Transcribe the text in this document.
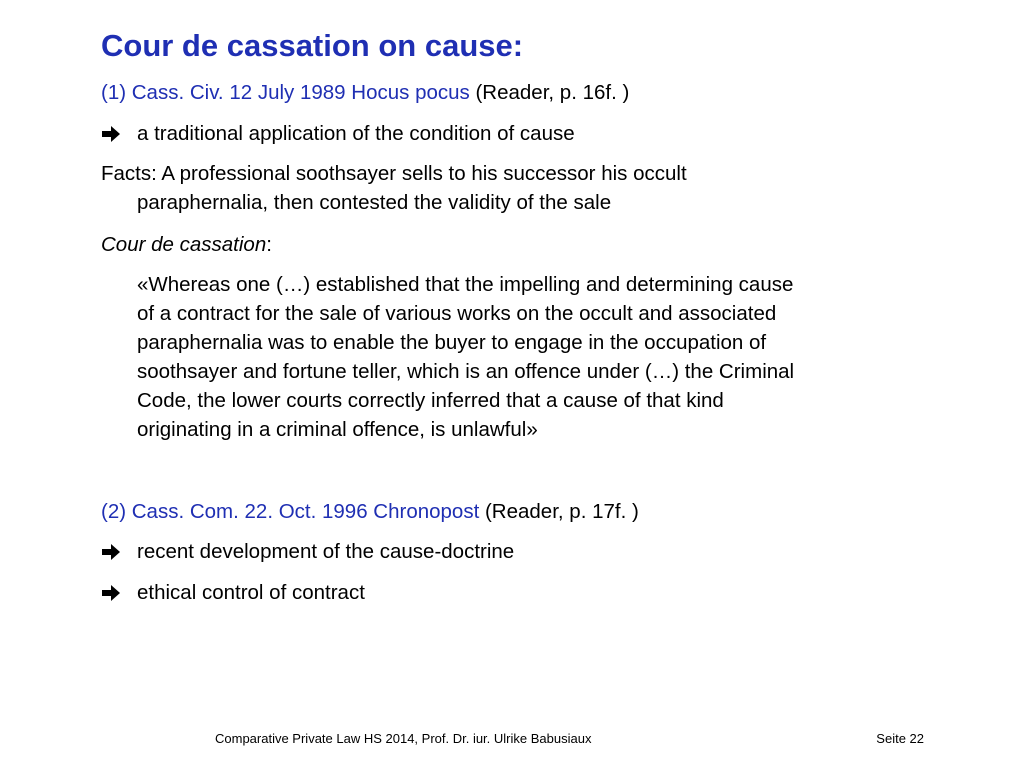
Cour de cassation on cause:
(1) Cass. Civ. 12 July 1989 Hocus pocus (Reader, p. 16f. )
a traditional application of the condition of cause
Facts: A professional soothsayer sells to his successor his occult
paraphernalia, then contested the validity of the sale
Cour de cassation:
«Whereas one (…) established that the impelling and determining cause
of a contract for the sale of various works on the occult and associated
paraphernalia was to enable the buyer to engage in the occupation of
soothsayer and fortune teller, which is an offence under (…) the Criminal
Code, the lower courts correctly inferred that a cause of that kind
originating in a criminal offence, is unlawful»
(2) Cass. Com. 22. Oct. 1996 Chronopost (Reader, p. 17f. )
recent development of the cause-doctrine
ethical control of contract
Comparative Private Law HS 2014, Prof. Dr. iur. Ulrike Babusiaux	Seite 22
